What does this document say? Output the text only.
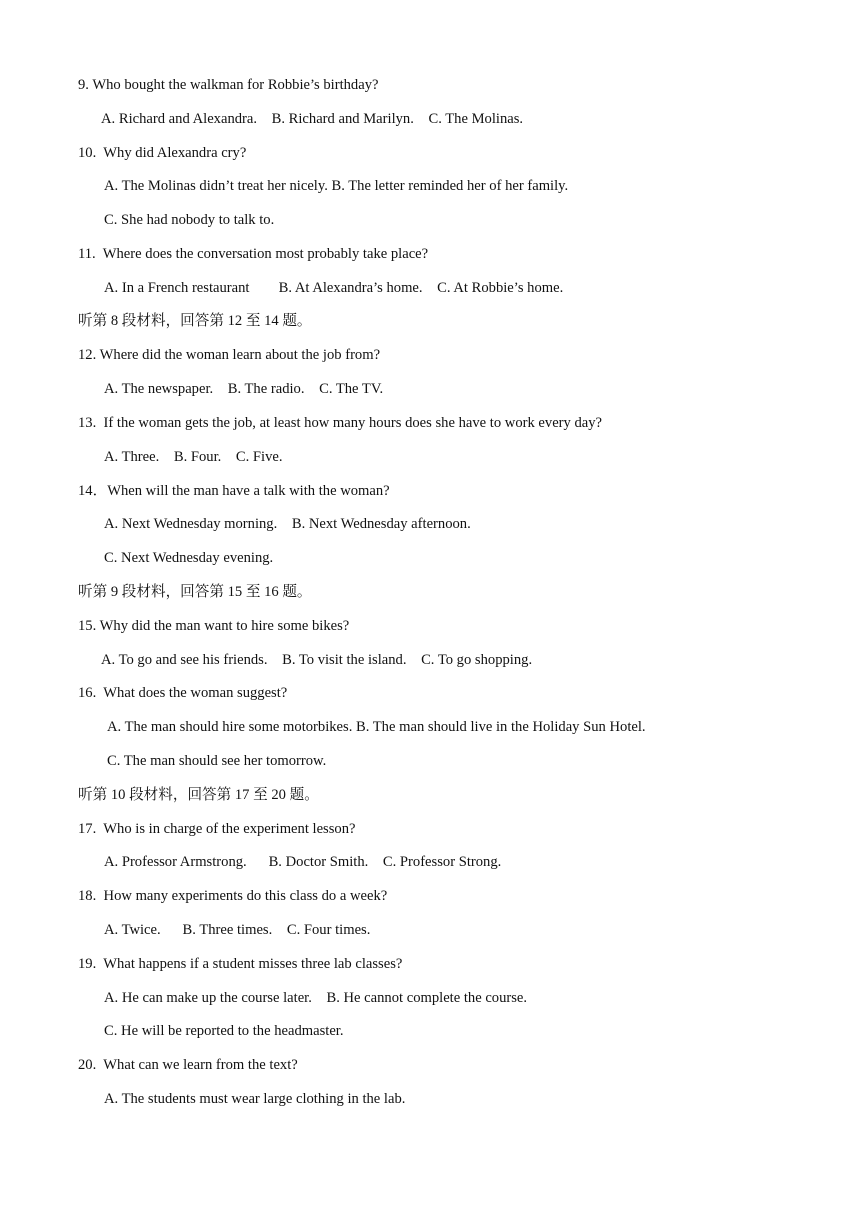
9. Who bought the walkman for Robbie’s birthday?
A. Richard and Alexandra.    B. Richard and Marilyn.    C. The Molinas.
10.  Why did Alexandra cry?
A. The Molinas didn’t treat her nicely. B. The letter reminded her of her family.
C. She had nobody to talk to.
11.  Where does the conversation most probably take place?
A. In a French restaurant        B. At Alexandra’s home.    C. At Robbie’s home.
听第 8 段材料，回答第 12 至 14 题。
12. Where did the woman learn about the job from?
A. The newspaper.    B. The radio.    C. The TV.
13.  If the woman gets the job, at least how many hours does she have to work every day?
A. Three.    B. Four.    C. Five.
14．When will the man have a talk with the woman?
A. Next Wednesday morning.    B. Next Wednesday afternoon.
C. Next Wednesday evening.
听第 9 段材料，回答第 15 至 16 题。
15. Why did the man want to hire some bikes?
A. To go and see his friends.    B. To visit the island.    C. To go shopping.
16.  What does the woman suggest?
A. The man should hire some motorbikes. B. The man should live in the Holiday Sun Hotel.
C. The man should see her tomorrow.
听第 10 段材料，回答第 17 至 20 题。
17.  Who is in charge of the experiment lesson?
A. Professor Armstrong.      B. Doctor Smith.    C. Professor Strong.
18.  How many experiments do this class do a week?
A. Twice.      B. Three times.    C. Four times.
19.  What happens if a student misses three lab classes?
A. He can make up the course later.    B. He cannot complete the course.
C. He will be reported to the headmaster.
20.  What can we learn from the text?
A. The students must wear large clothing in the lab.
